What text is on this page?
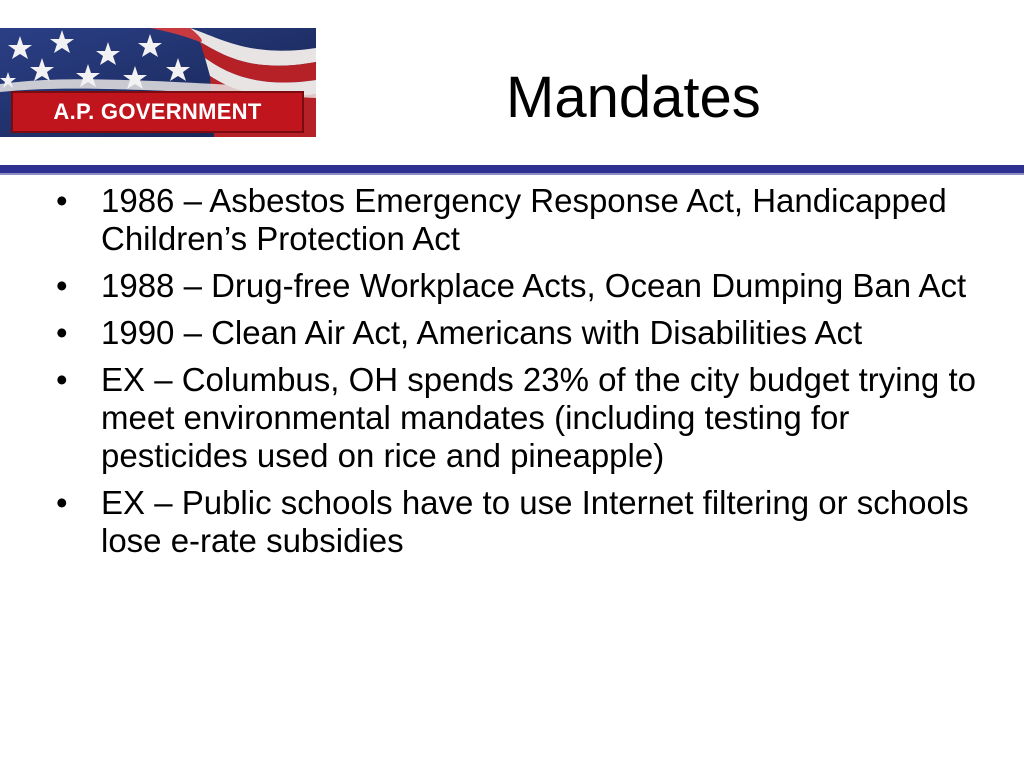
A.P. GOVERNMENT	Mandates
• 1986 – Asbestos Emergency Response Act, Handicapped Children’s Protection Act
• 1988 – Drug-free Workplace Acts, Ocean Dumping Ban Act
• 1990 – Clean Air Act, Americans with Disabilities Act
• EX – Columbus, OH spends 23% of the city budget trying to meet environmental mandates (including testing for pesticides used on rice and pineapple)
• EX – Public schools have to use Internet filtering or schools lose e-rate subsidies
